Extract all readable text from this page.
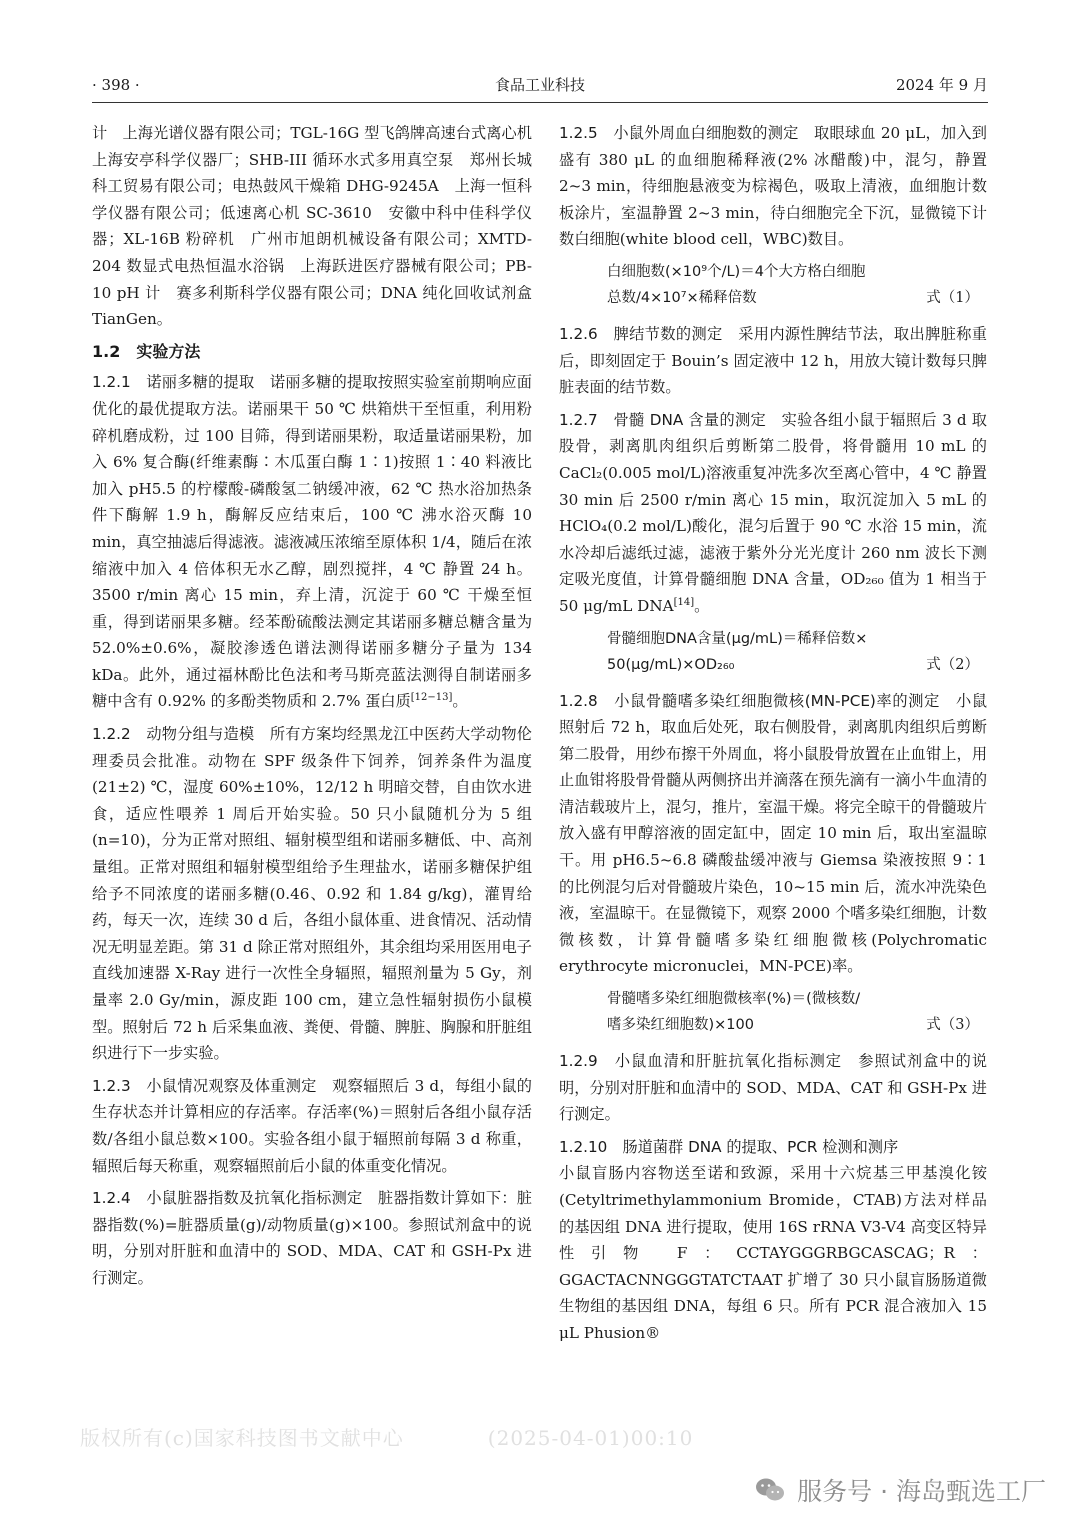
· 398 ·	食品工业科技	2024 年 9 月

计　上海光谱仪器有限公司；TGL-16G 型飞鸽牌高速台式离心机　上海安亭科学仪器厂；SHB-III 循环水式多用真空泵　郑州长城科工贸易有限公司；电热鼓风干燥箱 DHG-9245A　上海一恒科学仪器有限公司；低速离心机 SC-3610　安徽中科中佳科学仪器；XL-16B 粉碎机　广州市旭朗机械设备有限公司；XMTD-204 数显式电热恒温水浴锅　上海跃进医疗器械有限公司；PB-10 pH 计　赛多利斯科学仪器有限公司；DNA 纯化回收试剂盒　TianGen。

1.2　实验方法

1.2.1　诺丽多糖的提取　诺丽多糖的提取按照实验室前期响应面优化的最优提取方法。诺丽果干 50 ℃ 烘箱烘干至恒重，利用粉碎机磨成粉，过 100 目筛，得到诺丽果粉，取适量诺丽果粉，加入 6% 复合酶(纤维素酶∶木瓜蛋白酶 1∶1)按照 1∶40 料液比加入 pH5.5 的柠檬酸-磷酸氢二钠缓冲液，62 ℃ 热水浴加热条件下酶解 1.9 h，酶解反应结束后，100 ℃ 沸水浴灭酶 10 min，真空抽滤后得滤液。滤液减压浓缩至原体积 1/4，随后在浓缩液中加入 4 倍体积无水乙醇，剧烈搅拌，4 ℃ 静置 24 h。3500 r/min 离心 15 min，弃上清，沉淀于 60 ℃ 干燥至恒重，得到诺丽果多糖。经苯酚硫酸法测定其诺丽多糖总糖含量为 52.0%±0.6%，凝胶渗透色谱法测得诺丽多糖分子量为 134 kDa。此外，通过福林酚比色法和考马斯亮蓝法测得自制诺丽多糖中含有 0.92% 的多酚类物质和 2.7% 蛋白质[12−13]。

1.2.2　动物分组与造模　所有方案均经黑龙江中医药大学动物伦理委员会批准。动物在 SPF 级条件下饲养，饲养条件为温度(21±2) ℃，湿度 60%±10%，12/12 h 明暗交替，自由饮水进食，适应性喂养 1 周后开始实验。50 只小鼠随机分为 5 组(n=10)，分为正常对照组、辐射模型组和诺丽多糖低、中、高剂量组。正常对照组和辐射模型组给予生理盐水，诺丽多糖保护组给予不同浓度的诺丽多糖(0.46、0.92 和 1.84 g/kg)，灌胃给药，每天一次，连续 30 d 后，各组小鼠体重、进食情况、活动情况无明显差距。第 31 d 除正常对照组外，其余组均采用医用电子直线加速器 X-Ray 进行一次性全身辐照，辐照剂量为 5 Gy，剂量率 2.0 Gy/min，源皮距 100 cm，建立急性辐射损伤小鼠模型。照射后 72 h 后采集血液、粪便、骨髓、脾脏、胸腺和肝脏组织进行下一步实验。

1.2.3　小鼠情况观察及体重测定　观察辐照后 3 d，每组小鼠的生存状态并计算相应的存活率。存活率(%)＝照射后各组小鼠存活数/各组小鼠总数×100。实验各组小鼠于辐照前每隔 3 d 称重，辐照后每天称重，观察辐照前后小鼠的体重变化情况。

1.2.4　小鼠脏器指数及抗氧化指标测定　脏器指数计算如下：脏器指数(%)=脏器质量(g)/动物质量(g)×100。参照试剂盒中的说明，分别对肝脏和血清中的 SOD、MDA、CAT 和 GSH-Px 进行测定。

1.2.5　小鼠外周血白细胞数的测定　取眼球血 20 μL，加入到盛有 380 μL 的血细胞稀释液(2% 冰醋酸)中，混匀，静置 2~3 min，待细胞悬液变为棕褐色，吸取上清液，血细胞计数板涂片，室温静置 2~3 min，待白细胞完全下沉，显微镜下计数白细胞(white blood cell，WBC)数目。

白细胞数(×10⁹个/L)＝4个大方格白细胞
总数/4×10⁷×稀释倍数	式（1）

1.2.6　脾结节数的测定　采用内源性脾结节法，取出脾脏称重后，即刻固定于 Bouin’s 固定液中 12 h，用放大镜计数每只脾脏表面的结节数。

1.2.7　骨髓 DNA 含量的测定　实验各组小鼠于辐照后 3 d 取股骨，剥离肌肉组织后剪断第二股骨，将骨髓用 10 mL 的 CaCl₂(0.005 mol/L)溶液重复冲洗多次至离心管中，4 ℃ 静置 30 min 后 2500 r/min 离心 15 min，取沉淀加入 5 mL 的 HClO₄(0.2 mol/L)酸化，混匀后置于 90 ℃ 水浴 15 min，流水冷却后滤纸过滤，滤液于紫外分光光度计 260 nm 波长下测定吸光度值，计算骨髓细胞 DNA 含量，OD₂₆₀ 值为 1 相当于 50 μg/mL DNA[14]。

骨髓细胞DNA含量(μg/mL)＝稀释倍数×
50(μg/mL)×OD₂₆₀	式（2）

1.2.8　小鼠骨髓嗜多染红细胞微核(MN-PCE)率的测定　小鼠照射后 72 h，取血后处死，取右侧股骨，剥离肌肉组织后剪断第二股骨，用纱布擦干外周血，将小鼠股骨放置在止血钳上，用止血钳将股骨骨髓从两侧挤出并滴落在预先滴有一滴小牛血清的清洁载玻片上，混匀，推片，室温干燥。将完全晾干的骨髓玻片放入盛有甲醇溶液的固定缸中，固定 10 min 后，取出室温晾干。用 pH6.5~6.8 磷酸盐缓冲液与 Giemsa 染液按照 9∶1 的比例混匀后对骨髓玻片染色，10~15 min 后，流水冲洗染色液，室温晾干。在显微镜下，观察 2000 个嗜多染红细胞，计数微核数，计算骨髓嗜多染红细胞微核(Polychromatic erythrocyte micronuclei，MN-PCE)率。

骨髓嗜多染红细胞微核率(%)＝(微核数/
嗜多染红细胞数)×100	式（3）

1.2.9　小鼠血清和肝脏抗氧化指标测定　参照试剂盒中的说明，分别对肝脏和血清中的 SOD、MDA、CAT 和 GSH-Px 进行测定。

1.2.10　肠道菌群 DNA 的提取、PCR 检测和测序
小鼠盲肠内容物送至诺和致源，采用十六烷基三甲基溴化铵(Cetyltrimethylammonium Bromide，CTAB)方法对样品的基因组 DNA 进行提取，使用 16S rRNA V3-V4 高变区特异性引物 F：CCTAYGGGRBGCASCAG；R：GGACTACNNGGGTATCTAAT 扩增了 30 只小鼠盲肠肠道微生物组的基因组 DNA，每组 6 只。所有 PCR 混合液加入 15 μL Phusion®

版权所有(c)国家科技图书文献中心　　　　(2025-04-01)00:10
服务号 · 海岛甄选工厂
